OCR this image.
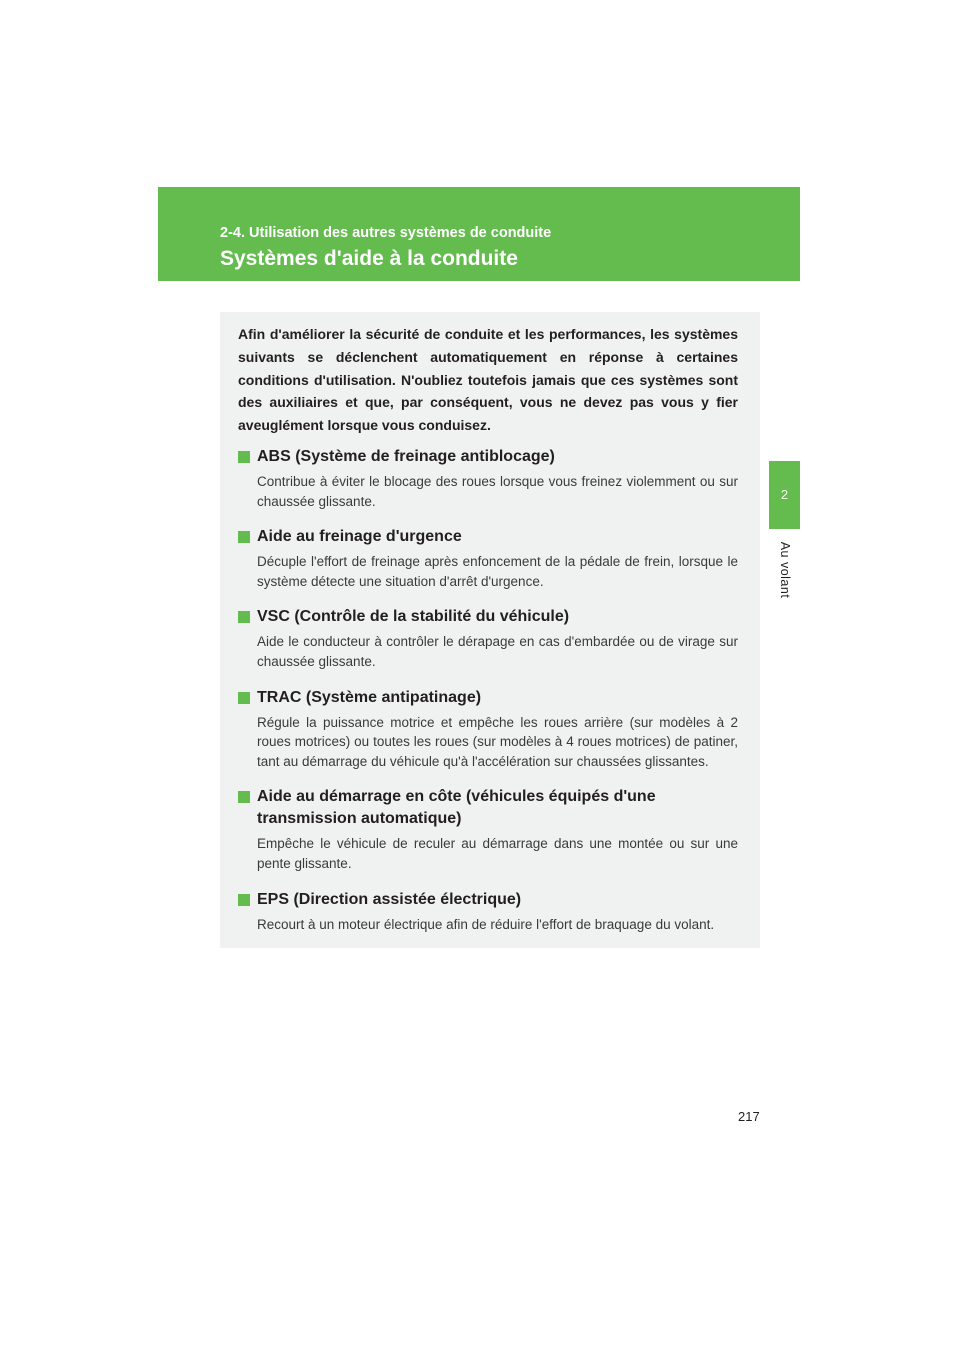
2-4. Utilisation des autres systèmes de conduite
Systèmes d'aide à la conduite
2
Au volant

Afin d'améliorer la sécurité de conduite et les performances, les systèmes suivants se déclenchent automatiquement en réponse à certaines conditions d'utilisation. N'oubliez toutefois jamais que ces systèmes sont des auxiliaires et que, par conséquent, vous ne devez pas vous y fier aveuglément lorsque vous conduisez.

ABS (Système de freinage antiblocage)
Contribue à éviter le blocage des roues lorsque vous freinez violemment ou sur chaussée glissante.
Aide au freinage d'urgence
Décuple l'effort de freinage après enfoncement de la pédale de frein, lorsque le système détecte une situation d'arrêt d'urgence.
VSC (Contrôle de la stabilité du véhicule)
Aide le conducteur à contrôler le dérapage en cas d'embardée ou de virage sur chaussée glissante.
TRAC (Système antipatinage)
Régule la puissance motrice et empêche les roues arrière (sur modèles à 2 roues motrices) ou toutes les roues (sur modèles à 4 roues motrices) de patiner, tant au démarrage du véhicule qu'à l'accélération sur chaussées glissantes.
Aide au démarrage en côte (véhicules équipés d'une transmission automatique)
Empêche le véhicule de reculer au démarrage dans une montée ou sur une pente glissante.
EPS (Direction assistée électrique)
Recourt à un moteur électrique afin de réduire l'effort de braquage du volant.
217
